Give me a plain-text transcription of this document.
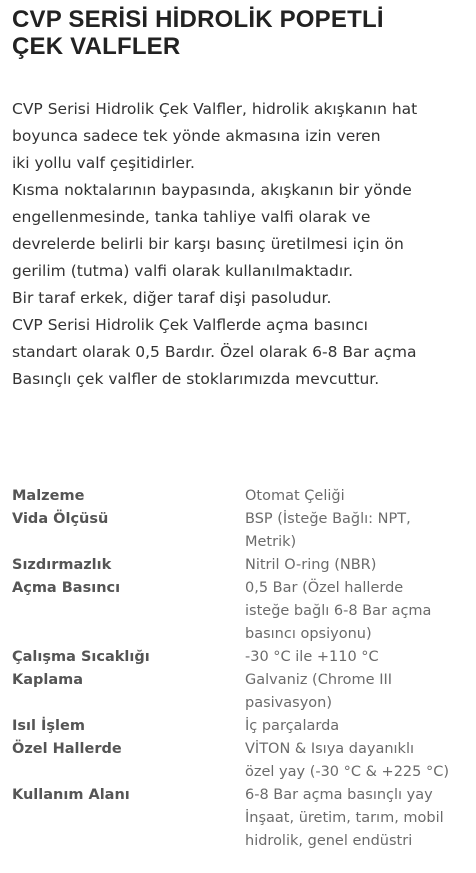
CVP SERİSİ HİDROLİK POPETLİ
ÇEK VALFLER
CVP Serisi Hidrolik Çek Valfler, hidrolik akışkanın hat
boyunca sadece tek yönde akmasına izin veren
iki yollu valf çeşitidirler.
Kısma noktalarının baypasında, akışkanın bir yönde
engellenmesinde, tanka tahliye valfi olarak ve
devrelerde belirli bir karşı basınç üretilmesi için ön
gerilim (tutma) valfi olarak kullanılmaktadır.
Bir taraf erkek, diğer taraf dişi pasoludur.
CVP Serisi Hidrolik Çek Valflerde açma basıncı
standart olarak 0,5 Bardır. Özel olarak 6-8 Bar açma
Basınçlı çek valfler de stoklarımızda mevcuttur.
Malzeme	Otomat Çeliği
Vida Ölçüsü	BSP (İsteğe Bağlı: NPT,
Metrik)
Sızdırmazlık	Nitril O-ring (NBR)
Açma Basıncı	0,5 Bar (Özel hallerde
isteğe bağlı 6-8 Bar açma
basıncı opsiyonu)
Çalışma Sıcaklığı	-30 °C ile +110 °C
Kaplama	Galvaniz (Chrome III
pasivasyon)
Isıl İşlem	İç parçalarda
Özel Hallerde	VİTON & Isıya dayanıklı
özel yay (-30 °C & +225 °C)
Kullanım Alanı	6-8 Bar açma basınçlı yay
İnşaat, üretim, tarım, mobil
hidrolik, genel endüstri
